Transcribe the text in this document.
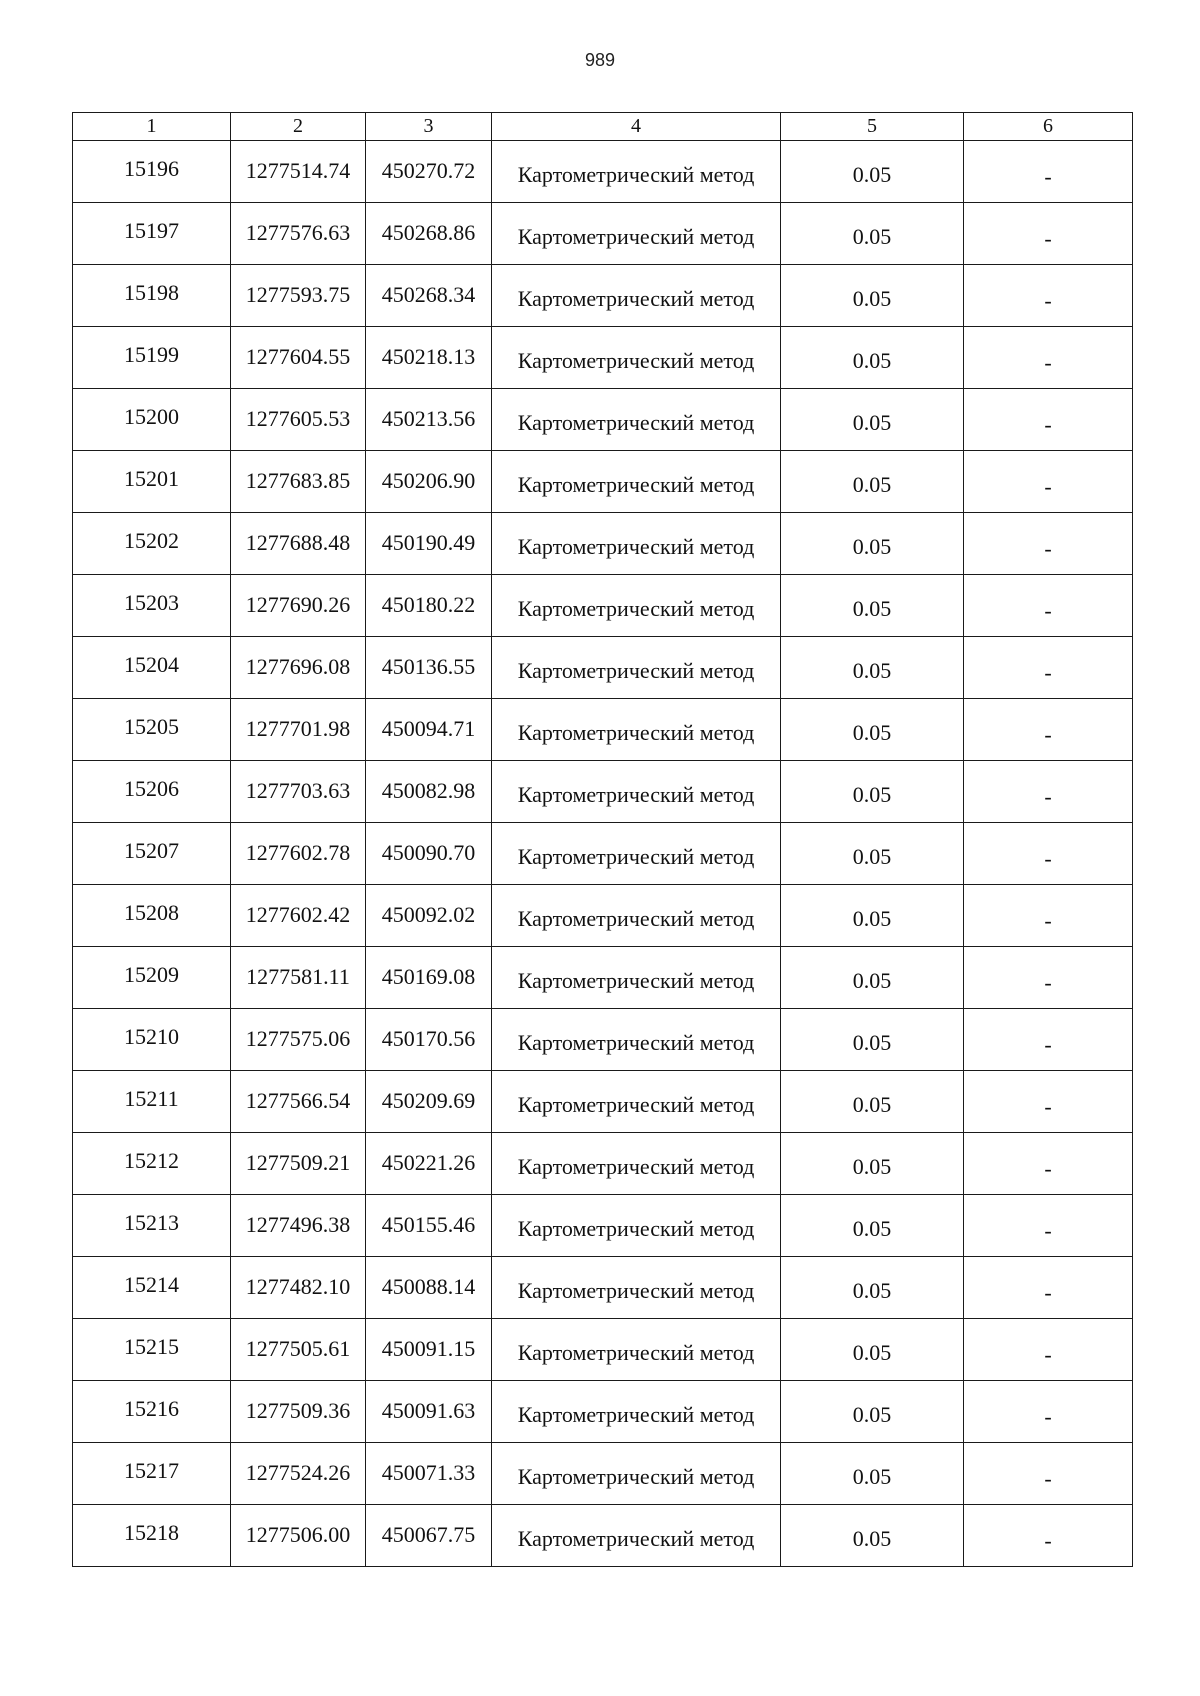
989
1	2	3	4	5	6
15196	1277514.74	450270.72	Картометрический метод	0.05	-
15197	1277576.63	450268.86	Картометрический метод	0.05	-
15198	1277593.75	450268.34	Картометрический метод	0.05	-
15199	1277604.55	450218.13	Картометрический метод	0.05	-
15200	1277605.53	450213.56	Картометрический метод	0.05	-
15201	1277683.85	450206.90	Картометрический метод	0.05	-
15202	1277688.48	450190.49	Картометрический метод	0.05	-
15203	1277690.26	450180.22	Картометрический метод	0.05	-
15204	1277696.08	450136.55	Картометрический метод	0.05	-
15205	1277701.98	450094.71	Картометрический метод	0.05	-
15206	1277703.63	450082.98	Картометрический метод	0.05	-
15207	1277602.78	450090.70	Картометрический метод	0.05	-
15208	1277602.42	450092.02	Картометрический метод	0.05	-
15209	1277581.11	450169.08	Картометрический метод	0.05	-
15210	1277575.06	450170.56	Картометрический метод	0.05	-
15211	1277566.54	450209.69	Картометрический метод	0.05	-
15212	1277509.21	450221.26	Картометрический метод	0.05	-
15213	1277496.38	450155.46	Картометрический метод	0.05	-
15214	1277482.10	450088.14	Картометрический метод	0.05	-
15215	1277505.61	450091.15	Картометрический метод	0.05	-
15216	1277509.36	450091.63	Картометрический метод	0.05	-
15217	1277524.26	450071.33	Картометрический метод	0.05	-
15218	1277506.00	450067.75	Картометрический метод	0.05	-
